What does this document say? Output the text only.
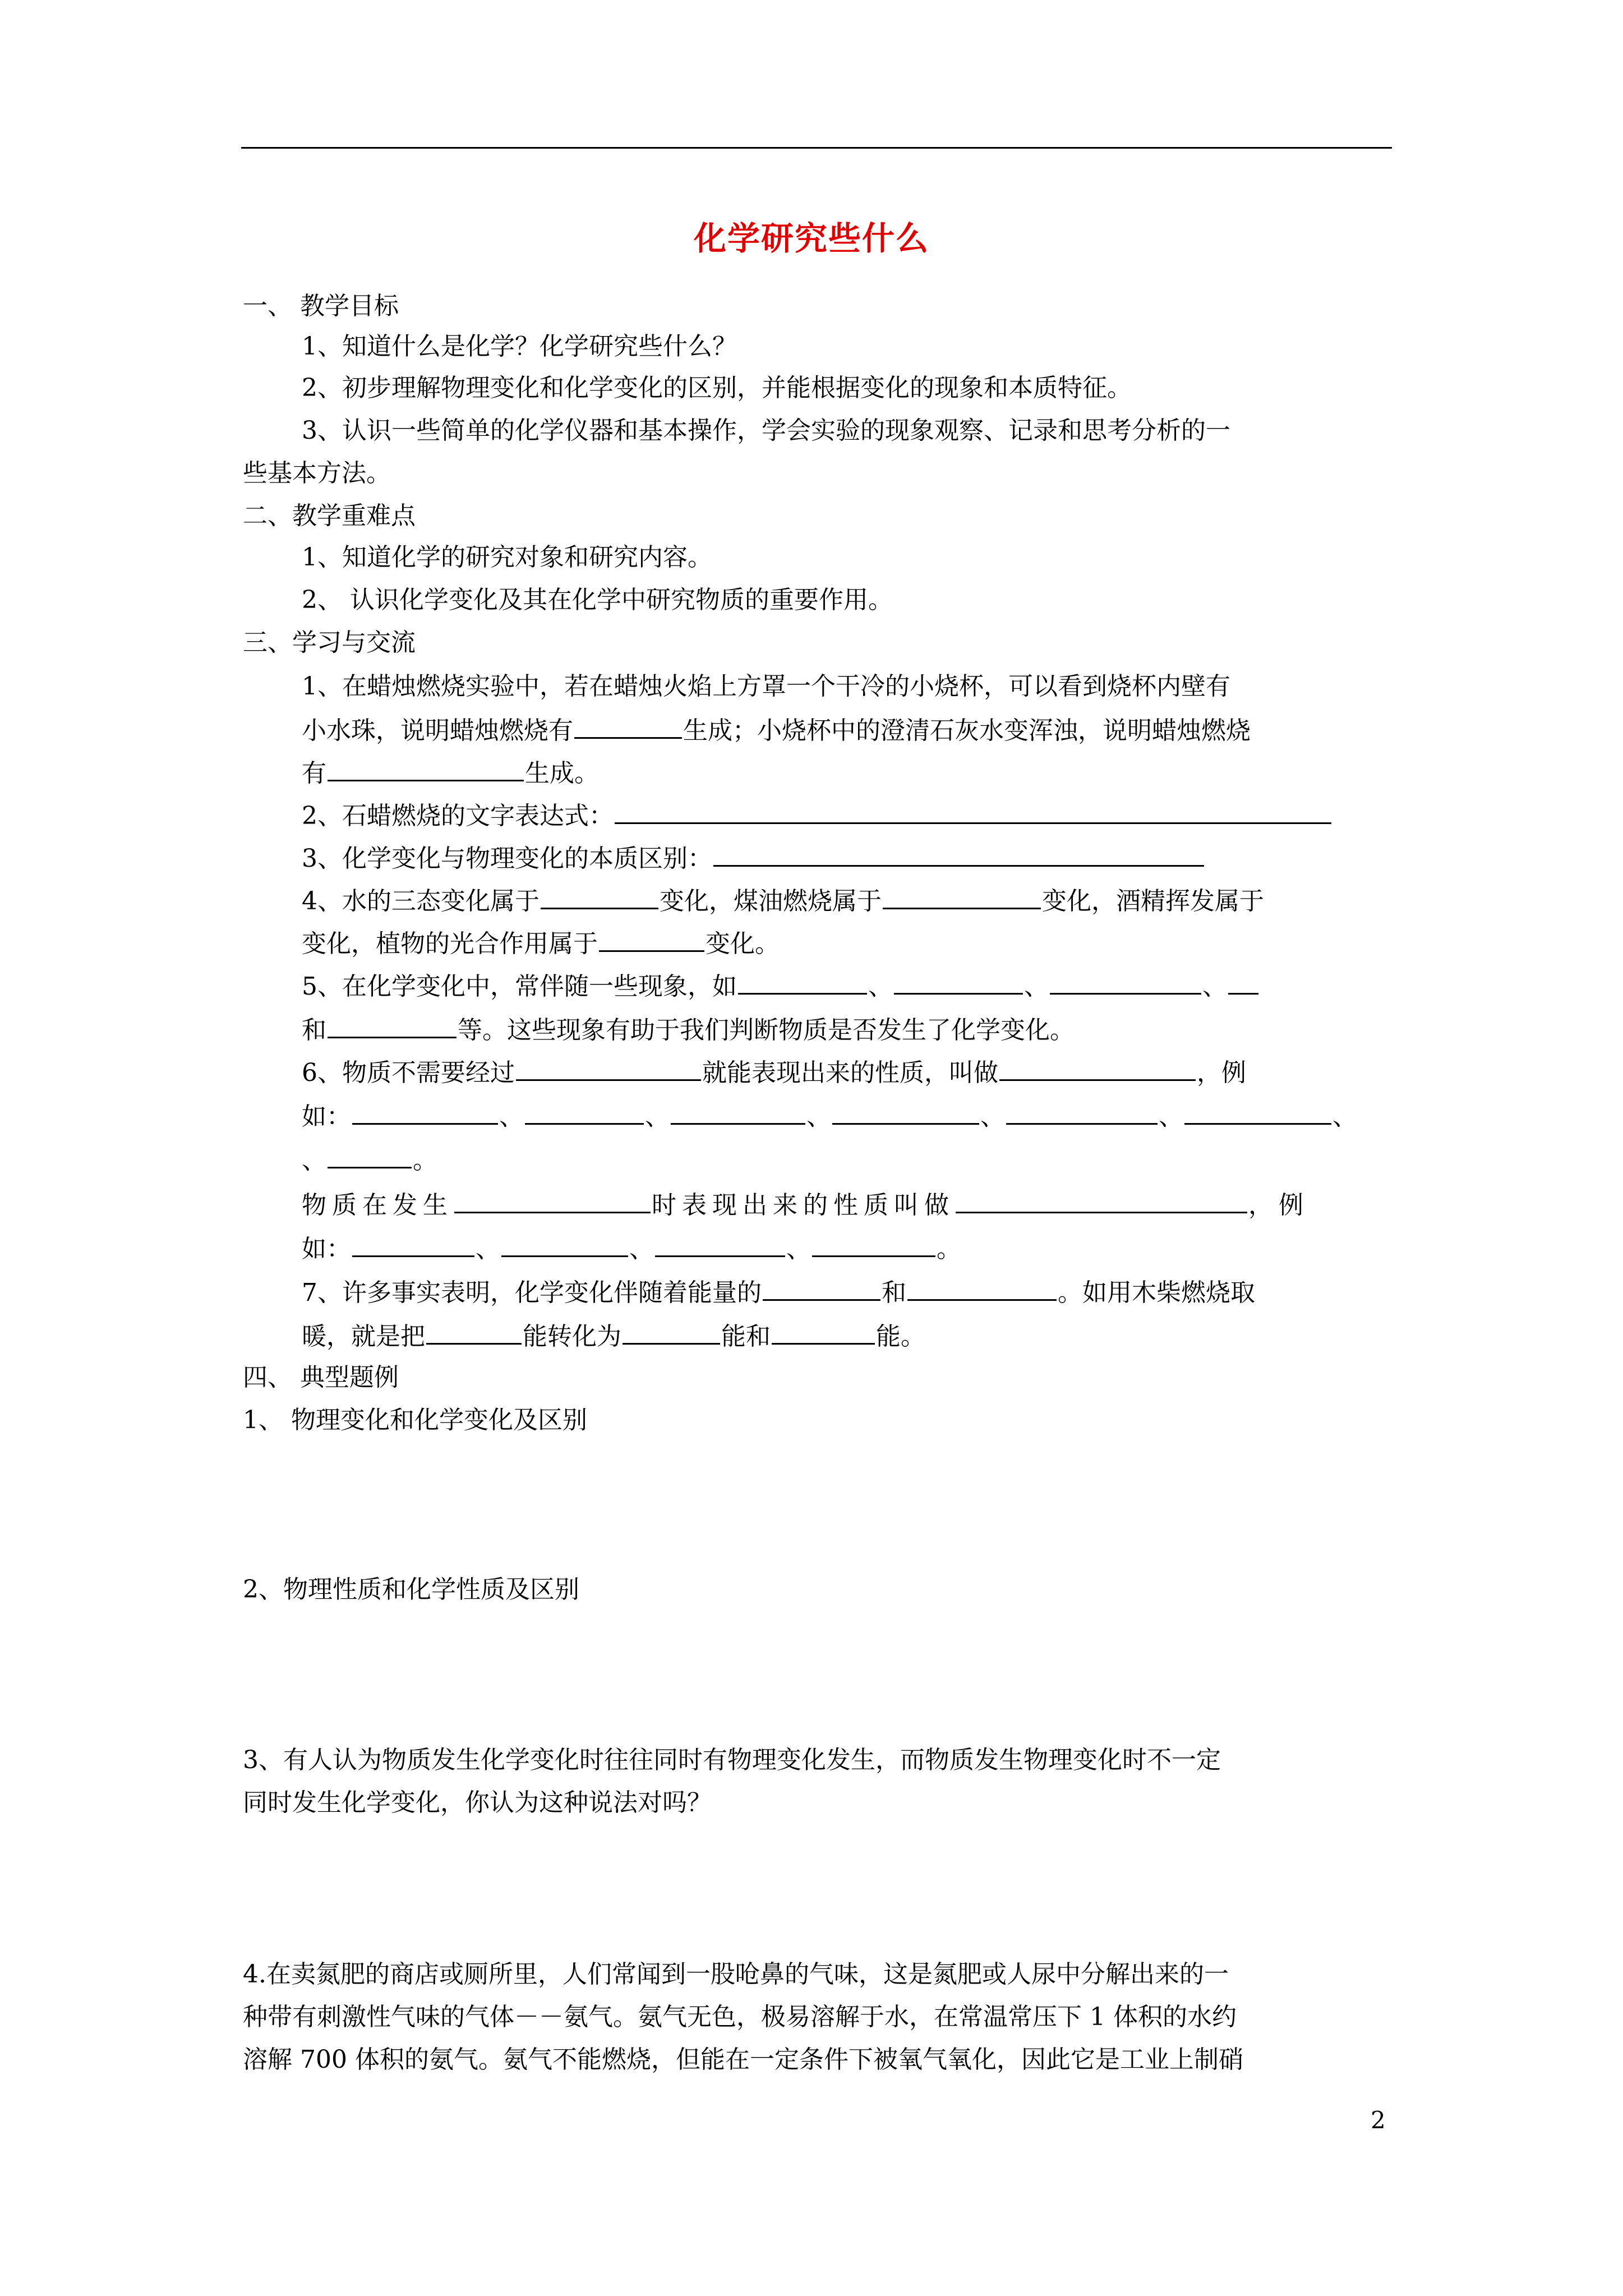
化学研究些什么
一、 教学目标
1、知道什么是化学？化学研究些什么？
2、初步理解物理变化和化学变化的区别，并能根据变化的现象和本质特征。
3、认识一些简单的化学仪器和基本操作，学会实验的现象观察、记录和思考分析的一
些基本方法。
二、教学重难点
1、知道化学的研究对象和研究内容。
2、 认识化学变化及其在化学中研究物质的重要作用。
三、学习与交流
1、在蜡烛燃烧实验中，若在蜡烛火焰上方罩一个干冷的小烧杯，可以看到烧杯内壁有
小水珠，说明蜡烛燃烧有	生成；小烧杯中的澄清石灰水变浑浊，说明蜡烛燃烧
有	生成。
2、石蜡燃烧的文字表达式：
3、化学变化与物理变化的本质区别：
4、水的三态变化属于	变化，煤油燃烧属于	变化，酒精挥发属于
变化，植物的光合作用属于	变化。
5、在化学变化中，常伴随一些现象，如	、	、	、
和	等。这些现象有助于我们判断物质是否发生了化学变化。
6、物质不需要经过	就能表现出来的性质，叫做	，例
如：	、	、	、	、	、	、
、	。
物质在发生	时表现出来的性质叫做	，例
如：	、	、	、	。
7、许多事实表明，化学变化伴随着能量的	和	。如用木柴燃烧取
暖，就是把	能转化为	能和	能。
四、 典型题例
1、 物理变化和化学变化及区别
2、物理性质和化学性质及区别
3、有人认为物质发生化学变化时往往同时有物理变化发生，而物质发生物理变化时不一定
同时发生化学变化，你认为这种说法对吗？
4.在卖氮肥的商店或厕所里，人们常闻到一股呛鼻的气味，这是氮肥或人尿中分解出来的一
种带有刺激性气味的气体－－氨气。氨气无色，极易溶解于水，在常温常压下 1 体积的水约
溶解 700 体积的氨气。氨气不能燃烧，但能在一定条件下被氧气氧化，因此它是工业上制硝
2
